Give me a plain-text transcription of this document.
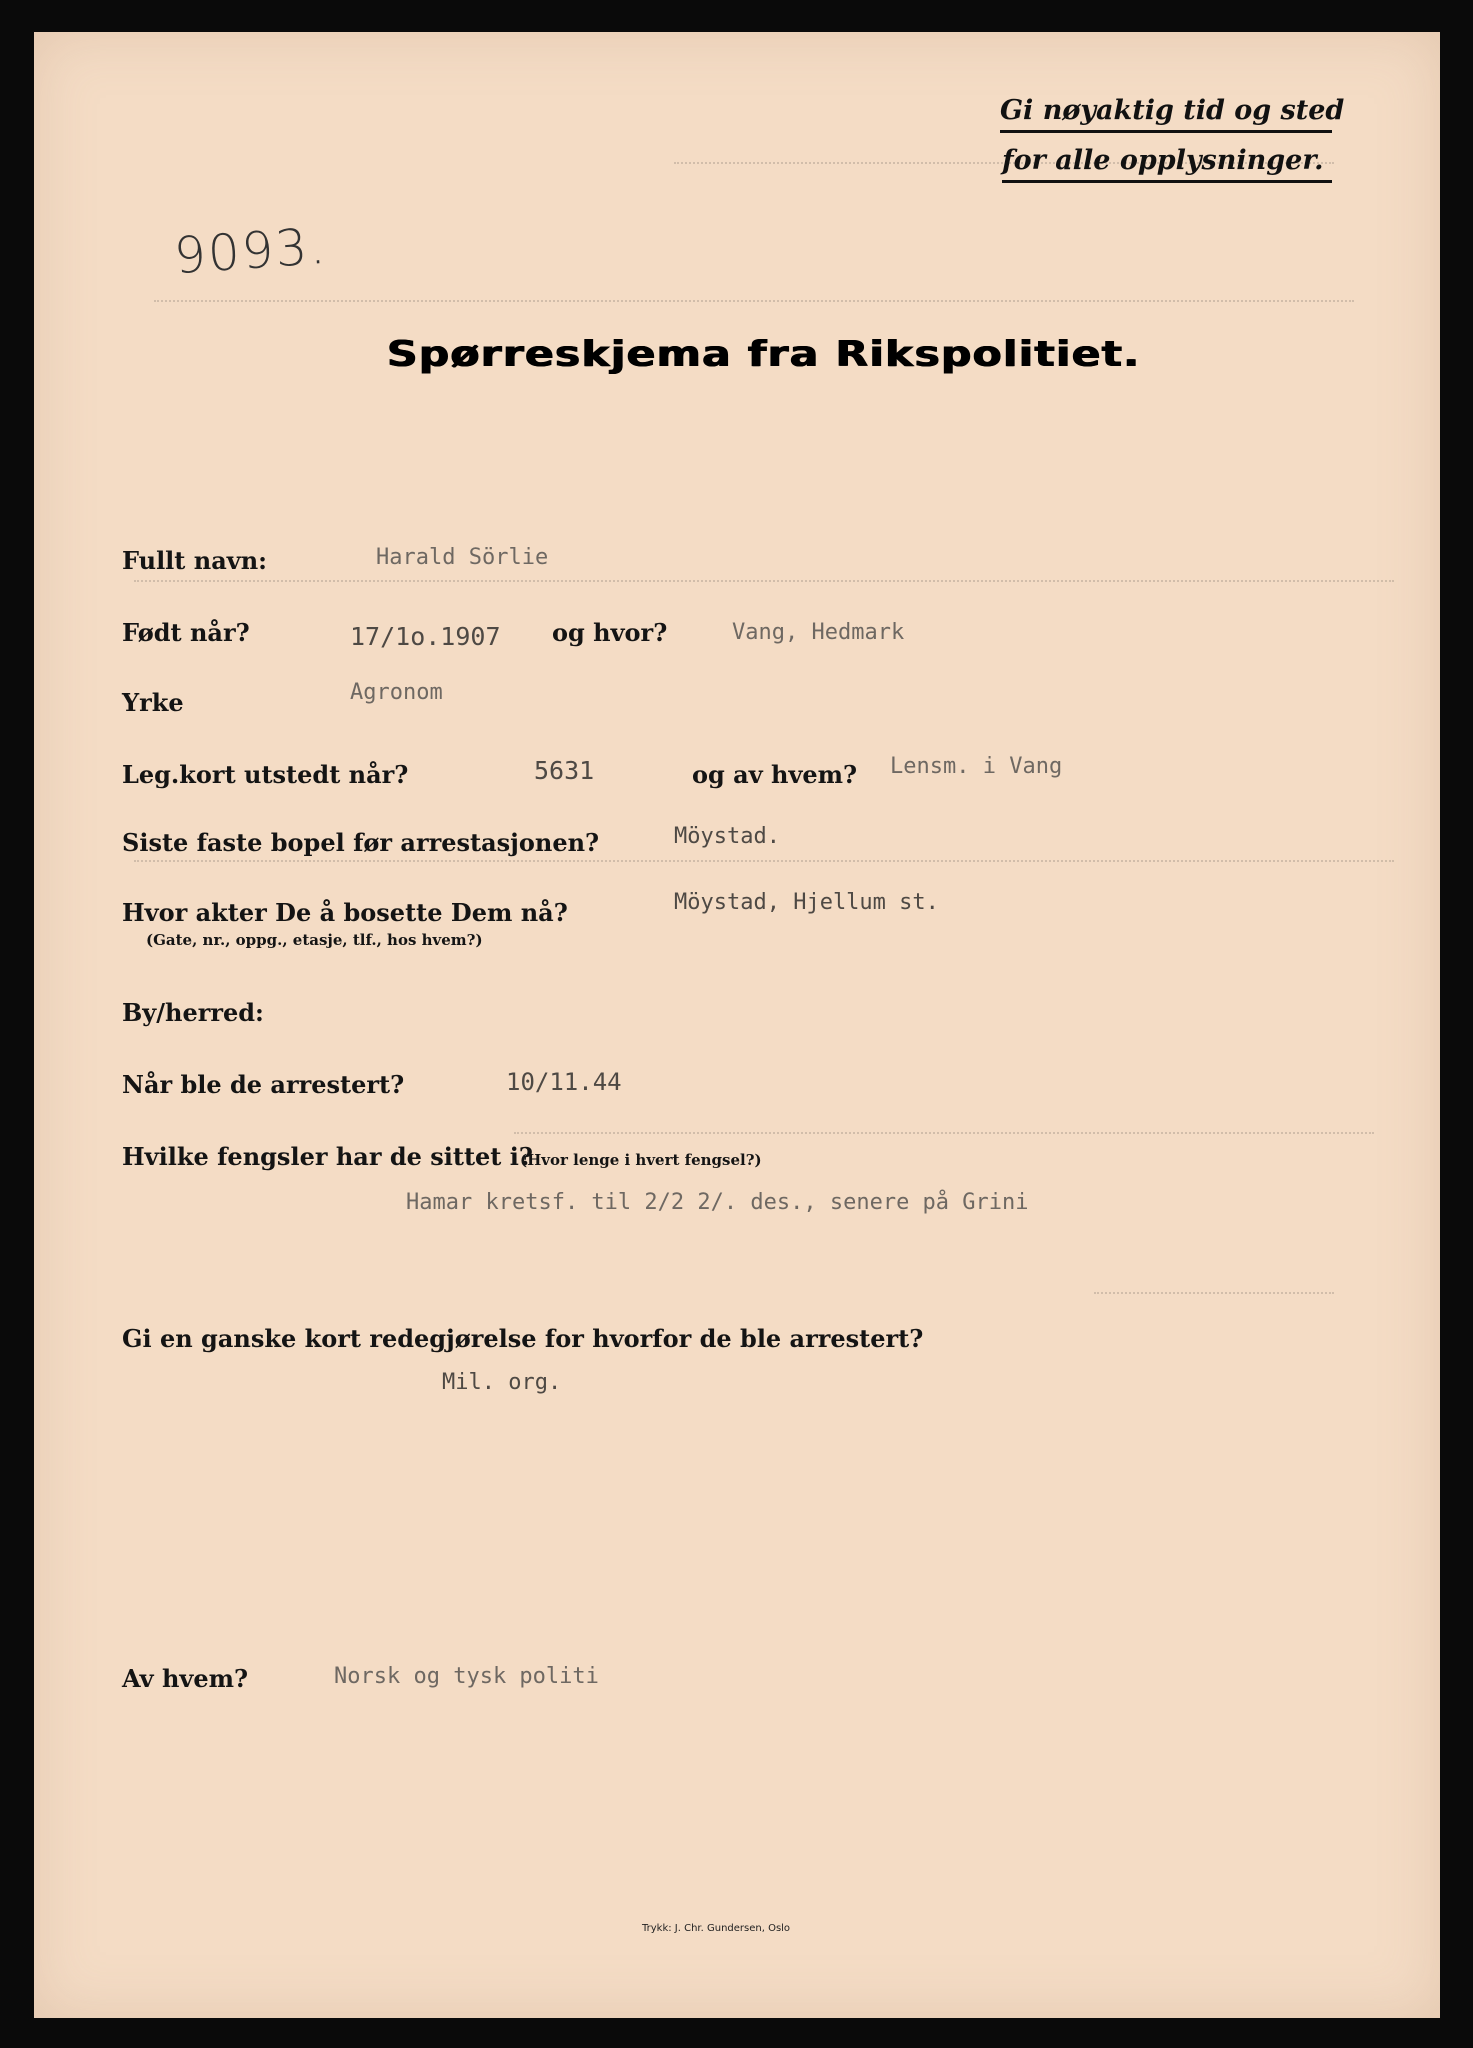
Gi nøyaktig tid og sted
for alle opplysninger.
9093.
Spørreskjema fra Rikspolitiet.
Fullt navn:	Harald Sörlie
Født når?	17/1o.1907 og hvor?	Vang, Hedmark
Yrke	Agronom
Leg.kort utstedt når?	5631	og av hvem? Lensm. i Vang
Siste faste bopel før arrestasjonen?	Möystad.
Hvor akter De å bosette Dem nå?
(Gate, nr., oppg., etasje, tlf., hos hvem?)
Möystad, Hjellum st.
By/herred:
Når ble de arrestert?	10/11.44
Hvilke fengsler har de sittet i?
(Hvor lenge i hvert fengsel?)
Hamar kretsf. til 2/2 2/. des., senere på Grini
Gi en ganske kort redegjørelse for hvorfor de ble arrestert?
Mil. org.
Av hvem?	Norsk og tysk politi
Trykk: J. Chr. Gundersen, Oslo
